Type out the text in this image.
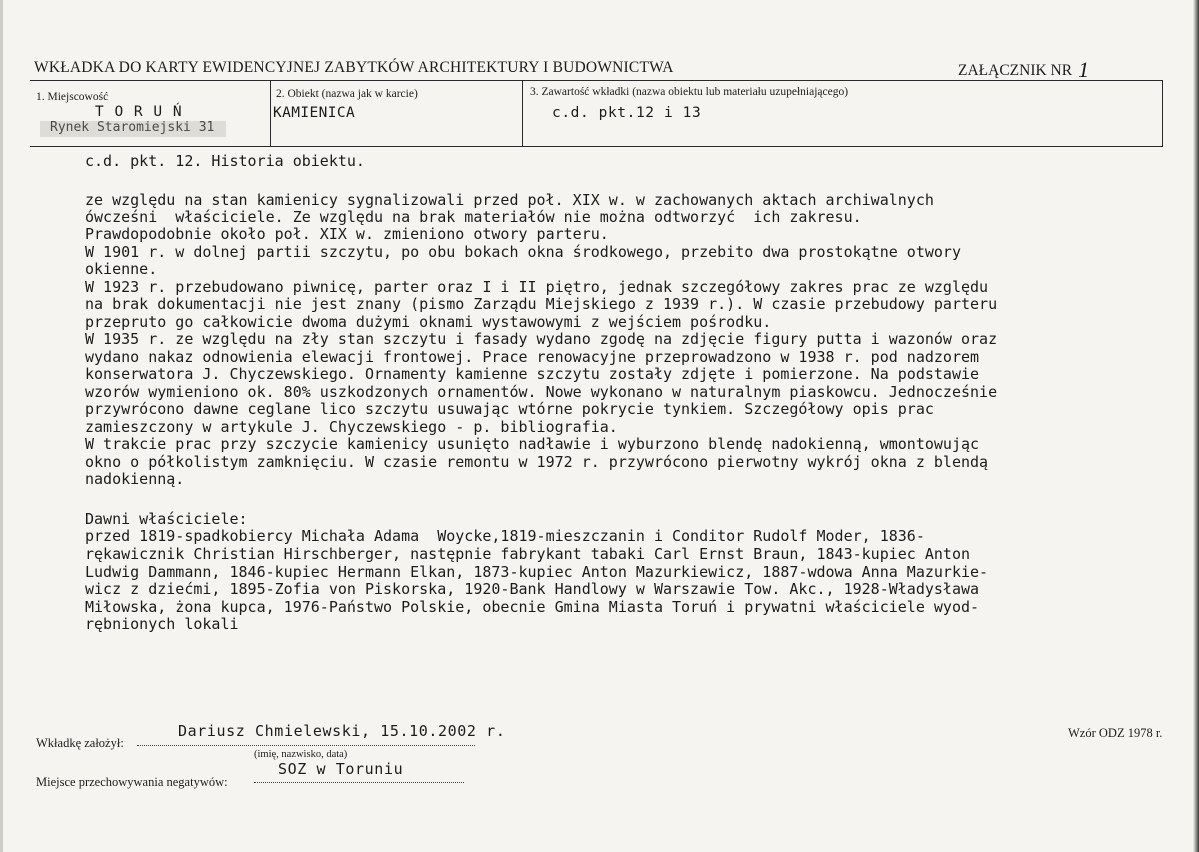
WKŁADKA DO KARTY EWIDENCYJNEJ ZABYTKÓW ARCHITEKTURY I BUDOWNICTWA	ZAŁĄCZNIK NR 1
1. Miejscowość
T O R U Ń
Rynek Staromiejski 31
2. Obiekt (nazwa jak w karcie)
KAMIENICA
3. Zawartość wkładki (nazwa obiektu lub materiału uzupełniającego)
c.d. pkt.12 i 13
c.d. pkt. 12. Historia obiektu.
ze względu na stan kamienicy sygnalizowali przed poł. XIX w. w zachowanych aktach archiwalnych
ówcześni  właściciele. Ze względu na brak materiałów nie można odtworzyć  ich zakresu.
Prawdopodobnie około poł. XIX w. zmieniono otwory parteru.
W 1901 r. w dolnej partii szczytu, po obu bokach okna środkowego, przebito dwa prostokątne otwory
okienne.
W 1923 r. przebudowano piwnicę, parter oraz I i II piętro, jednak szczegółowy zakres prac ze względu
na brak dokumentacji nie jest znany (pismo Zarządu Miejskiego z 1939 r.). W czasie przebudowy parteru
przepruto go całkowicie dwoma dużymi oknami wystawowymi z wejściem pośrodku.
W 1935 r. ze względu na zły stan szczytu i fasady wydano zgodę na zdjęcie figury putta i wazonów oraz
wydano nakaz odnowienia elewacji frontowej. Prace renowacyjne przeprowadzono w 1938 r. pod nadzorem
konserwatora J. Chyczewskiego. Ornamenty kamienne szczytu zostały zdjęte i pomierzone. Na podstawie
wzorów wymieniono ok. 80% uszkodzonych ornamentów. Nowe wykonano w naturalnym piaskowcu. Jednocześnie
przywrócono dawne ceglane lico szczytu usuwając wtórne pokrycie tynkiem. Szczegółowy opis prac
zamieszczony w artykule J. Chyczewskiego - p. bibliografia.
W trakcie prac przy szczycie kamienicy usunięto nadławie i wyburzono blendę nadokienną, wmontowując
okno o półkolistym zamknięciu. W czasie remontu w 1972 r. przywrócono pierwotny wykrój okna z blendą
nadokienną.
Dawni właściciele:
przed 1819-spadkobiercy Michała Adama  Woycke,1819-mieszczanin i Conditor Rudolf Moder, 1836-
rękawicznik Christian Hirschberger, następnie fabrykant tabaki Carl Ernst Braun, 1843-kupiec Anton
Ludwig Dammann, 1846-kupiec Hermann Elkan, 1873-kupiec Anton Mazurkiewicz, 1887-wdowa Anna Mazurkie-
wicz z dziećmi, 1895-Zofia von Piskorska, 1920-Bank Handlowy w Warszawie Tow. Akc., 1928-Władysława
Miłowska, żona kupca, 1976-Państwo Polskie, obecnie Gmina Miasta Toruń i prywatni właściciele wyod-
rębnionych lokali
Wkładkę założył:
Dariusz Chmielewski, 15.10.2002 r.
(imię, nazwisko, data)
Miejsce przechowywania negatywów:
SOZ w Toruniu
Wzór ODZ 1978 r.
